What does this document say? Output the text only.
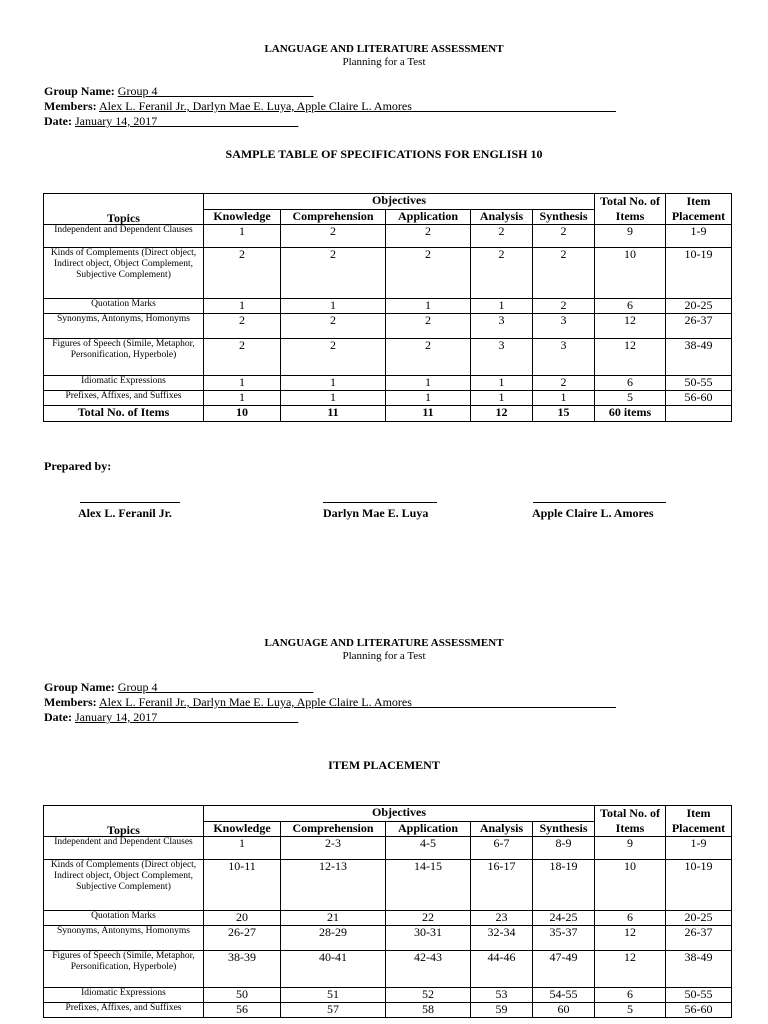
LANGUAGE AND LITERATURE ASSESSMENT
Planning for a Test
Group Name: Group 4
Members: Alex L. Feranil Jr., Darlyn Mae E. Luya, Apple Claire L. Amores
Date: January 14, 2017
SAMPLE TABLE OF SPECIFICATIONS FOR ENGLISH 10
Topics	Objectives					Total No. of Items	Item Placement
	Knowledge	Comprehension	Application	Analysis	Synthesis		
Independent and Dependent Clauses	1	2	2	2	2	9	1-9
Kinds of Complements (Direct object, Indirect object, Object Complement, Subjective Complement)	2	2	2	2	2	10	10-19
Quotation Marks	1	1	1	1	2	6	20-25
Synonyms, Antonyms, Homonyms	2	2	2	3	3	12	26-37
Figures of Speech (Simile, Metaphor, Personification, Hyperbole)	2	2	2	3	3	12	38-49
Idiomatic Expressions	1	1	1	1	2	6	50-55
Prefixes, Affixes, and Suffixes	1	1	1	1	1	5	56-60
Total No. of Items	10	11	11	12	15	60 items	
Prepared by:
Alex L. Feranil Jr.	Darlyn Mae E. Luya	Apple Claire L. Amores
LANGUAGE AND LITERATURE ASSESSMENT
Planning for a Test
Group Name: Group 4
Members: Alex L. Feranil Jr., Darlyn Mae E. Luya, Apple Claire L. Amores
Date: January 14, 2017
ITEM PLACEMENT
Topics	Objectives					Total No. of Items	Item Placement
	Knowledge	Comprehension	Application	Analysis	Synthesis		
Independent and Dependent Clauses	1	2-3	4-5	6-7	8-9	9	1-9
Kinds of Complements (Direct object, Indirect object, Object Complement, Subjective Complement)	10-11	12-13	14-15	16-17	18-19	10	10-19
Quotation Marks	20	21	22	23	24-25	6	20-25
Synonyms, Antonyms, Homonyms	26-27	28-29	30-31	32-34	35-37	12	26-37
Figures of Speech (Simile, Metaphor, Personification, Hyperbole)	38-39	40-41	42-43	44-46	47-49	12	38-49
Idiomatic Expressions	50	51	52	53	54-55	6	50-55
Prefixes, Affixes, and Suffixes	56	57	58	59	60	5	56-60
